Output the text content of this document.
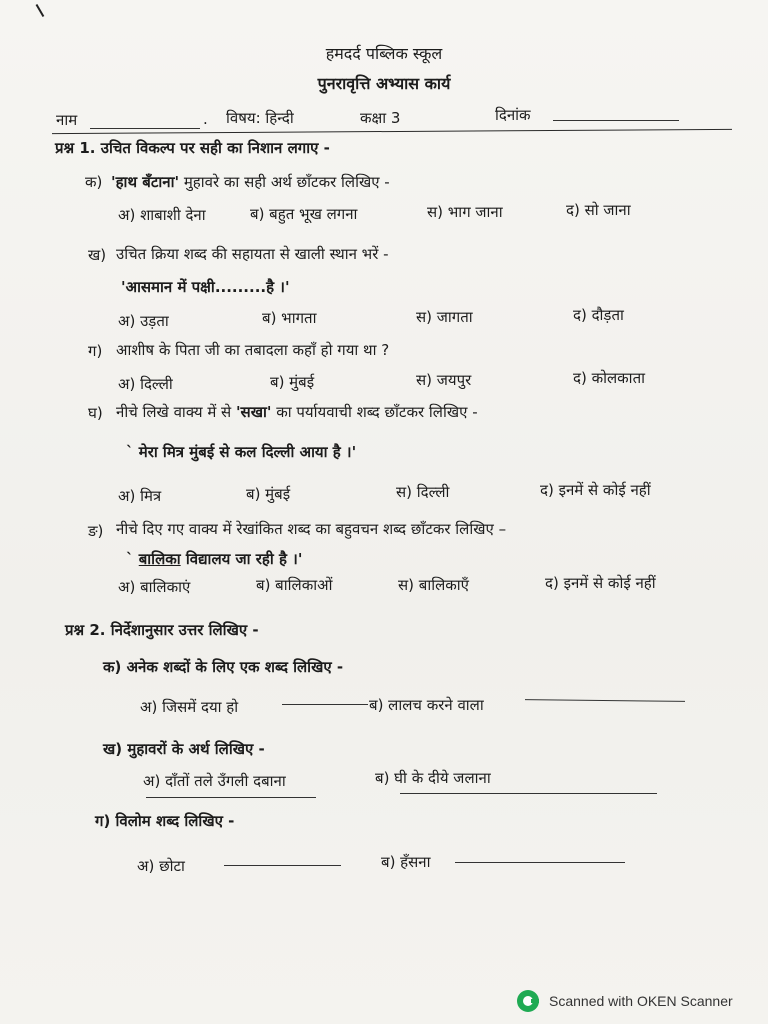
हमदर्द पब्लिक स्कूल
पुनरावृत्ति अभ्यास कार्य
नाम	. विषय: हिन्दी	कक्षा 3	दिनांक
प्रश्न 1. उचित विकल्प पर सही का निशान लगाए -
क) 'हाथ बँटाना' मुहावरे का सही अर्थ छाँटकर लिखिए -
अ) शाबाशी देना	ब) बहुत भूख लगना	स) भाग जाना	द) सो जाना
ख) उचित क्रिया शब्द की सहायता से खाली स्थान भरें -
'आसमान में पक्षी.........है ।'
अ) उड़ता	ब) भागता	स) जागता	द) दौड़ता
ग) आशीष के पिता जी का तबादला कहाँ हो गया था ?
अ) दिल्ली	ब) मुंबई	स) जयपुर	द) कोलकाता
घ) नीचे लिखे वाक्य में से 'सखा' का पर्यायवाची शब्द छाँटकर लिखिए -
` मेरा मित्र मुंबई से कल दिल्ली आया है ।'
अ) मित्र	ब) मुंबई	स) दिल्ली	द) इनमें से कोई नहीं
ङ) नीचे दिए गए वाक्य में रेखांकित शब्द का बहुवचन शब्द छाँटकर लिखिए –
` बालिका विद्यालय जा रही है ।'
अ) बालिकाएं	ब) बालिकाओं	स) बालिकाएँ	द) इनमें से कोई नहीं
प्रश्न 2. निर्देशानुसार उत्तर लिखिए -
क) अनेक शब्दों के लिए एक शब्द लिखिए -
अ) जिसमें दया हो	ब) लालच करने वाला
ख) मुहावरों के अर्थ लिखिए -
अ) दाँतों तले उँगली दबाना	ब) घी के दीये जलाना
ग) विलोम शब्द लिखिए -
अ) छोटा	ब) हँसना
Scanned with OKEN Scanner
